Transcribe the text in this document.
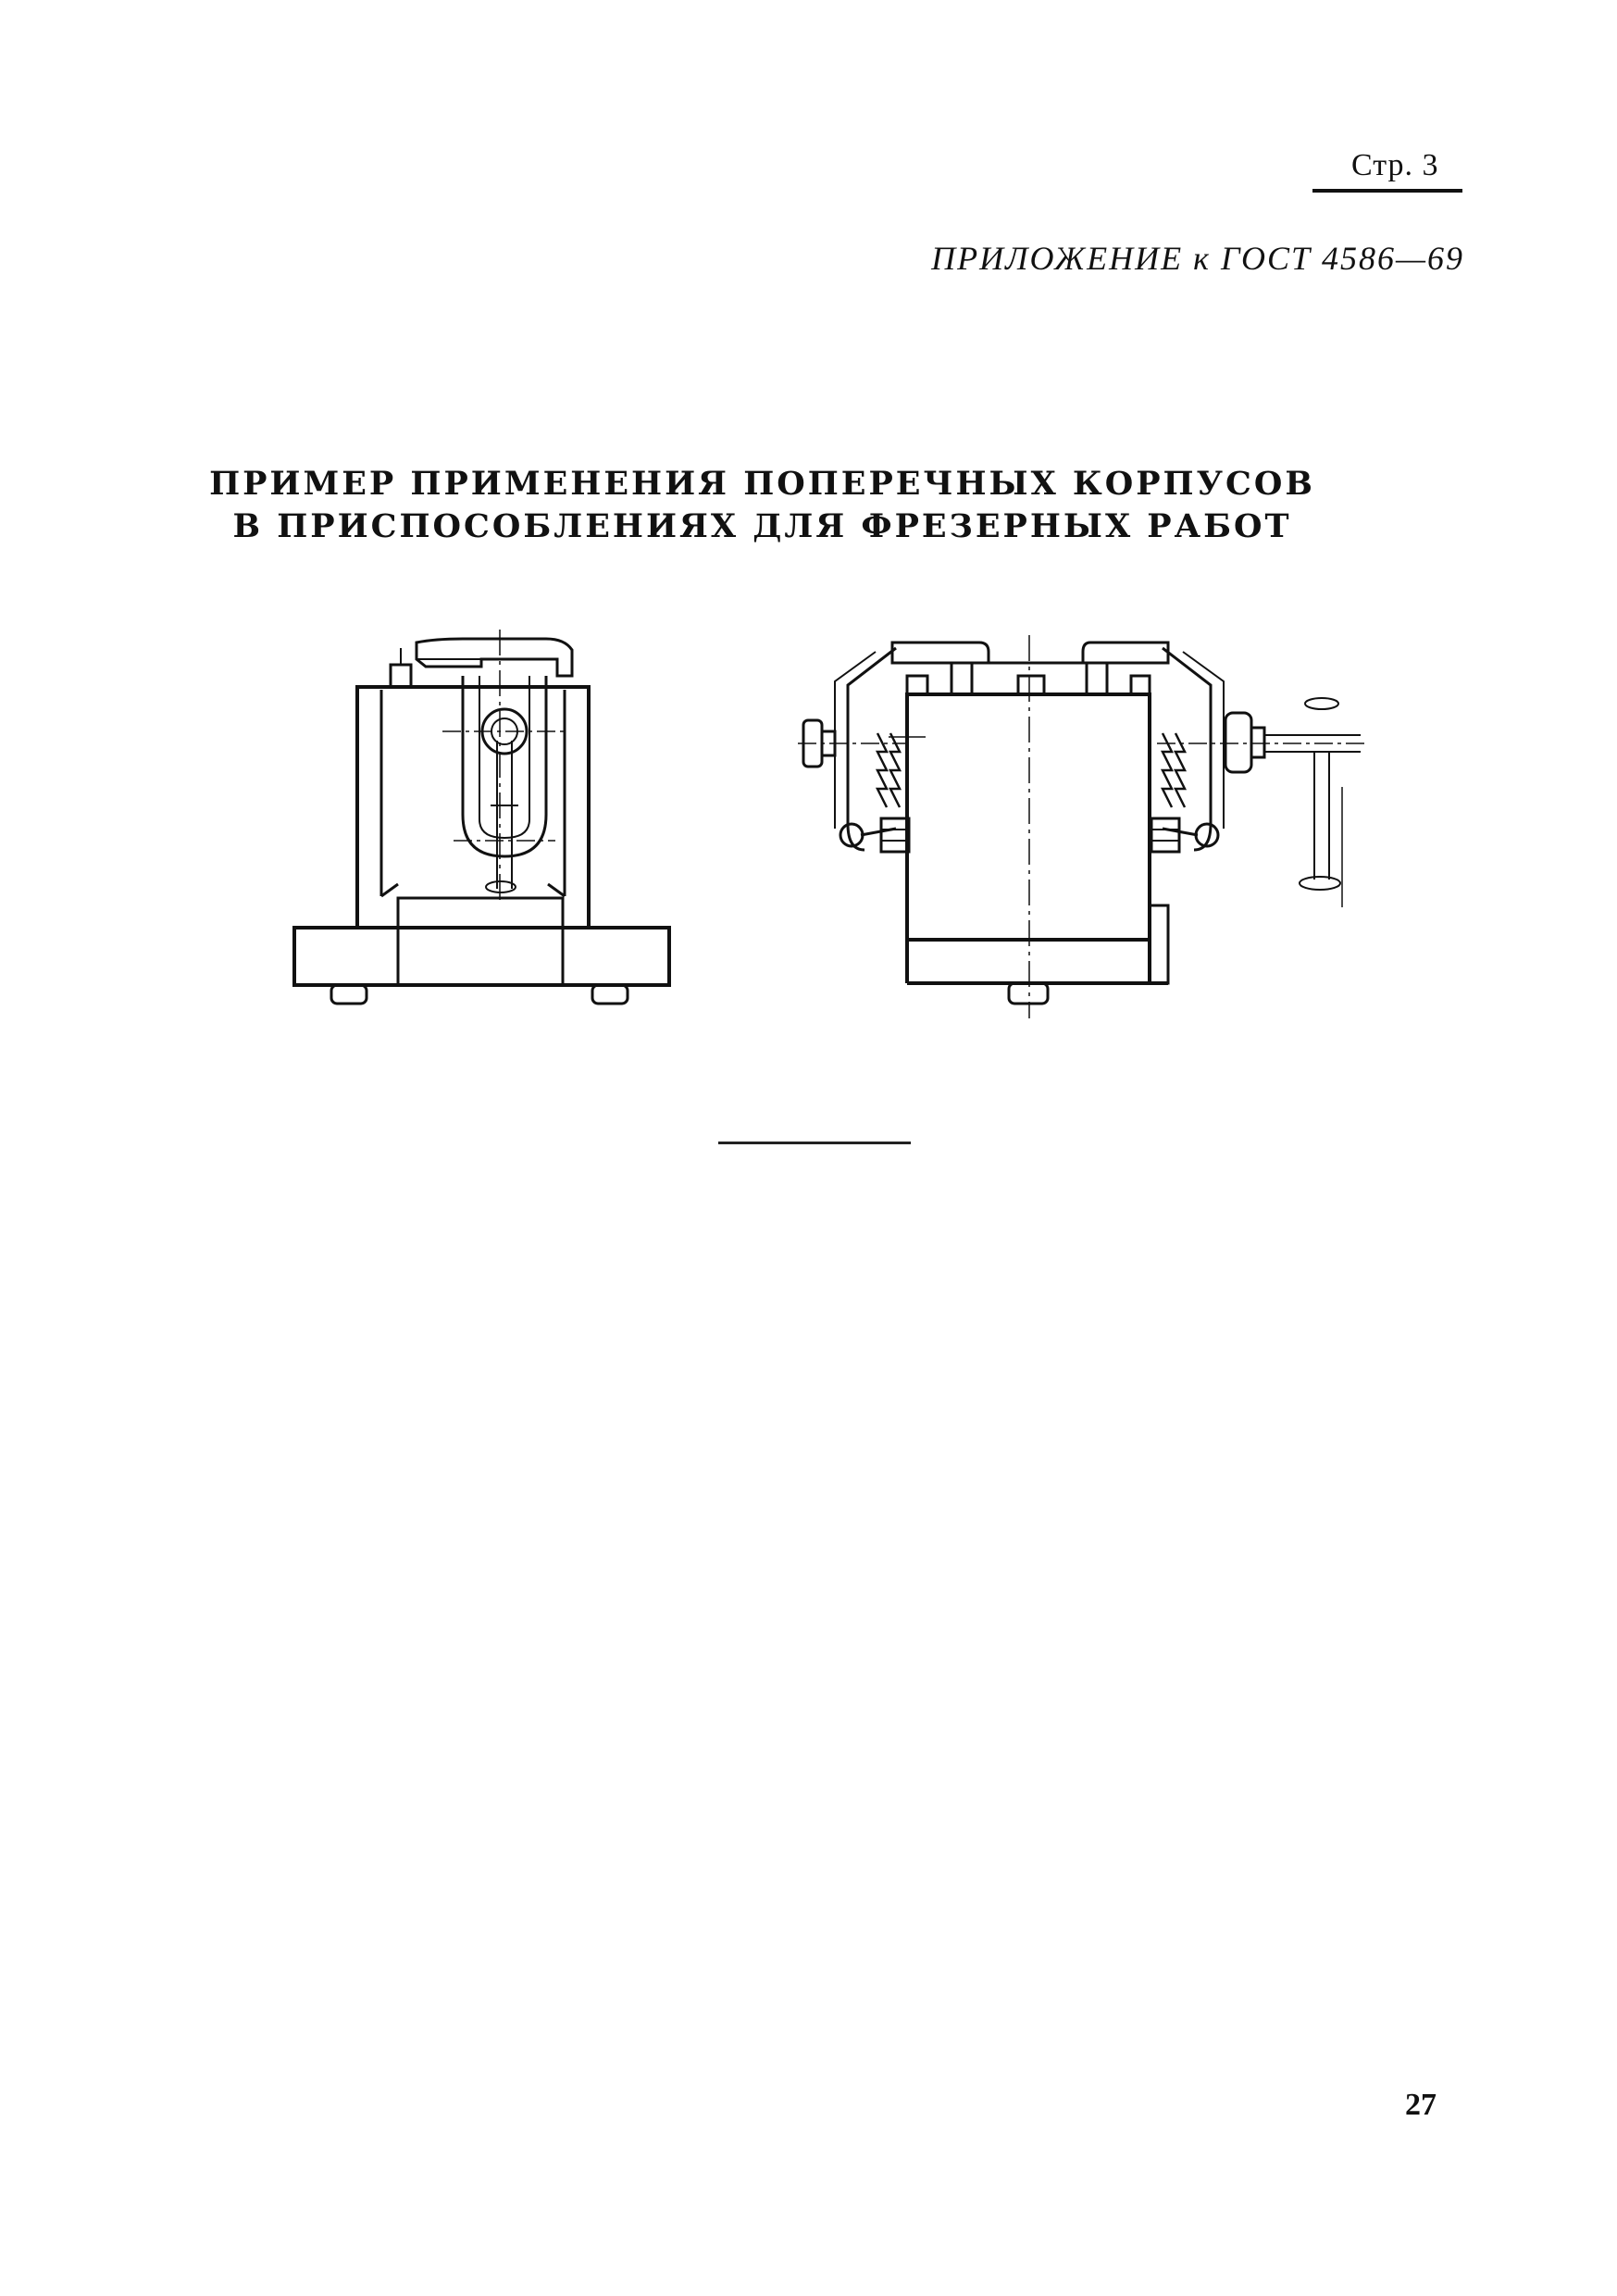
Стр. 3
ПРИЛОЖЕНИЕ к ГОСТ 4586—69
ПРИМЕР ПРИМЕНЕНИЯ ПОПЕРЕЧНЫХ КОРПУСОВ
В ПРИСПОСОБЛЕНИЯХ ДЛЯ ФРЕЗЕРНЫХ РАБОТ
27
